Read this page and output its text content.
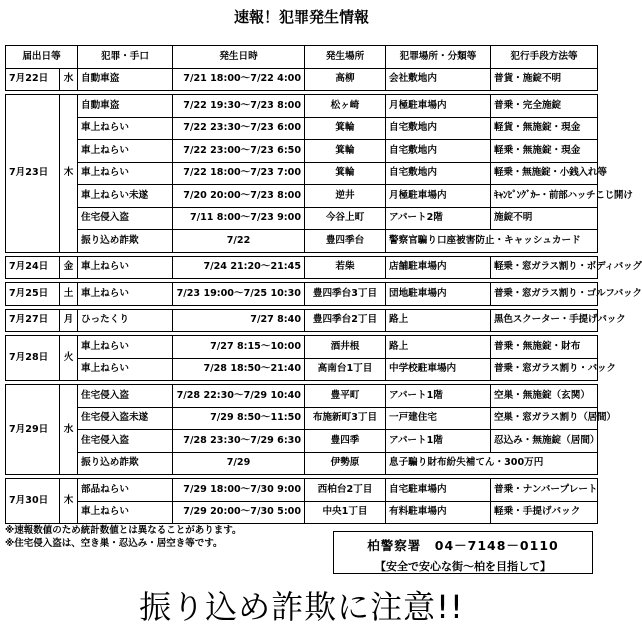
速報！犯罪発生情報
届出日等		犯罪・手口	発生日時	発生場所	犯罪場所・分類等	犯行手段方法等
7月22日	水	自動車盗	7/21 18:00～7/22 4:00	高柳	会社敷地内	普貨・施錠不明

7月23日	木	自動車盗	7/22 19:30～7/23 8:00	松ヶ崎	月極駐車場内	普乗・完全施錠
		車上ねらい	7/22 23:30～7/23 6:00	箕輪	自宅敷地内	軽貨・無施錠・現金
		車上ねらい	7/22 23:00～7/23 6:50	箕輪	自宅敷地内	軽乗・無施錠・現金
		車上ねらい	7/22 18:00～7/23 7:00	箕輪	自宅敷地内	軽乗・無施錠・小銭入れ等
		車上ねらい未遂	7/20 20:00～7/23 8:00	逆井	月極駐車場内	ｷｬﾝﾋﾟﾝｸﾞｶｰ・前部ハッチこじ開け
		住宅侵入盗	7/11 8:00～7/23 9:00	今谷上町	アパート2階	施錠不明
		振り込め詐欺	7/22	豊四季台	警察官騙り口座被害防止・キャッシュカード	

7月24日	金	車上ねらい	7/24 21:20～21:45	若柴	店舗駐車場内	軽乗・窓ガラス割り・ボディバッグ

7月25日	土	車上ねらい	7/23 19:00～7/25 10:30	豊四季台3丁目	団地駐車場内	普乗・窓ガラス割り・ゴルフバック

7月27日	月	ひったくり	7/27 8:40	豊四季台2丁目	路上	黒色スクーター・手提げバック

7月28日	火	車上ねらい	7/27 8:15～10:00	酒井根	路上	普乗・無施錠・財布
		車上ねらい	7/28 18:50～21:40	高南台1丁目	中学校駐車場内	普乗・窓ガラス割り・バック

7月29日	水	住宅侵入盗	7/28 22:30～7/29 10:40	豊平町	アパート1階	空巣・無施錠（玄関）
		住宅侵入盗未遂	7/29 8:50～11:50	布施新町3丁目	一戸建住宅	空巣・窓ガラス割り（居間）
		住宅侵入盗	7/28 23:30～7/29 6:30	豊四季	アパート1階	忍込み・無施錠（居間）
		振り込め詐欺	7/29	伊勢原	息子騙り財布紛失補てん・300万円	

7月30日	木	部品ねらい	7/29 18:00～7/30 9:00	西柏台2丁目	自宅駐車場内	普乗・ナンバープレート
		車上ねらい	7/29 20:00～7/30 5:00	中央1丁目	有料駐車場内	軽乗・手提げバック
※速報数値のため統計数値とは異なることがあります。
※住宅侵入盗は、空き巣・忍込み・居空き等です。	柏警察署　04－7148－0110
【安全で安心な街～柏を目指して】
振り込め詐欺に注意!!
